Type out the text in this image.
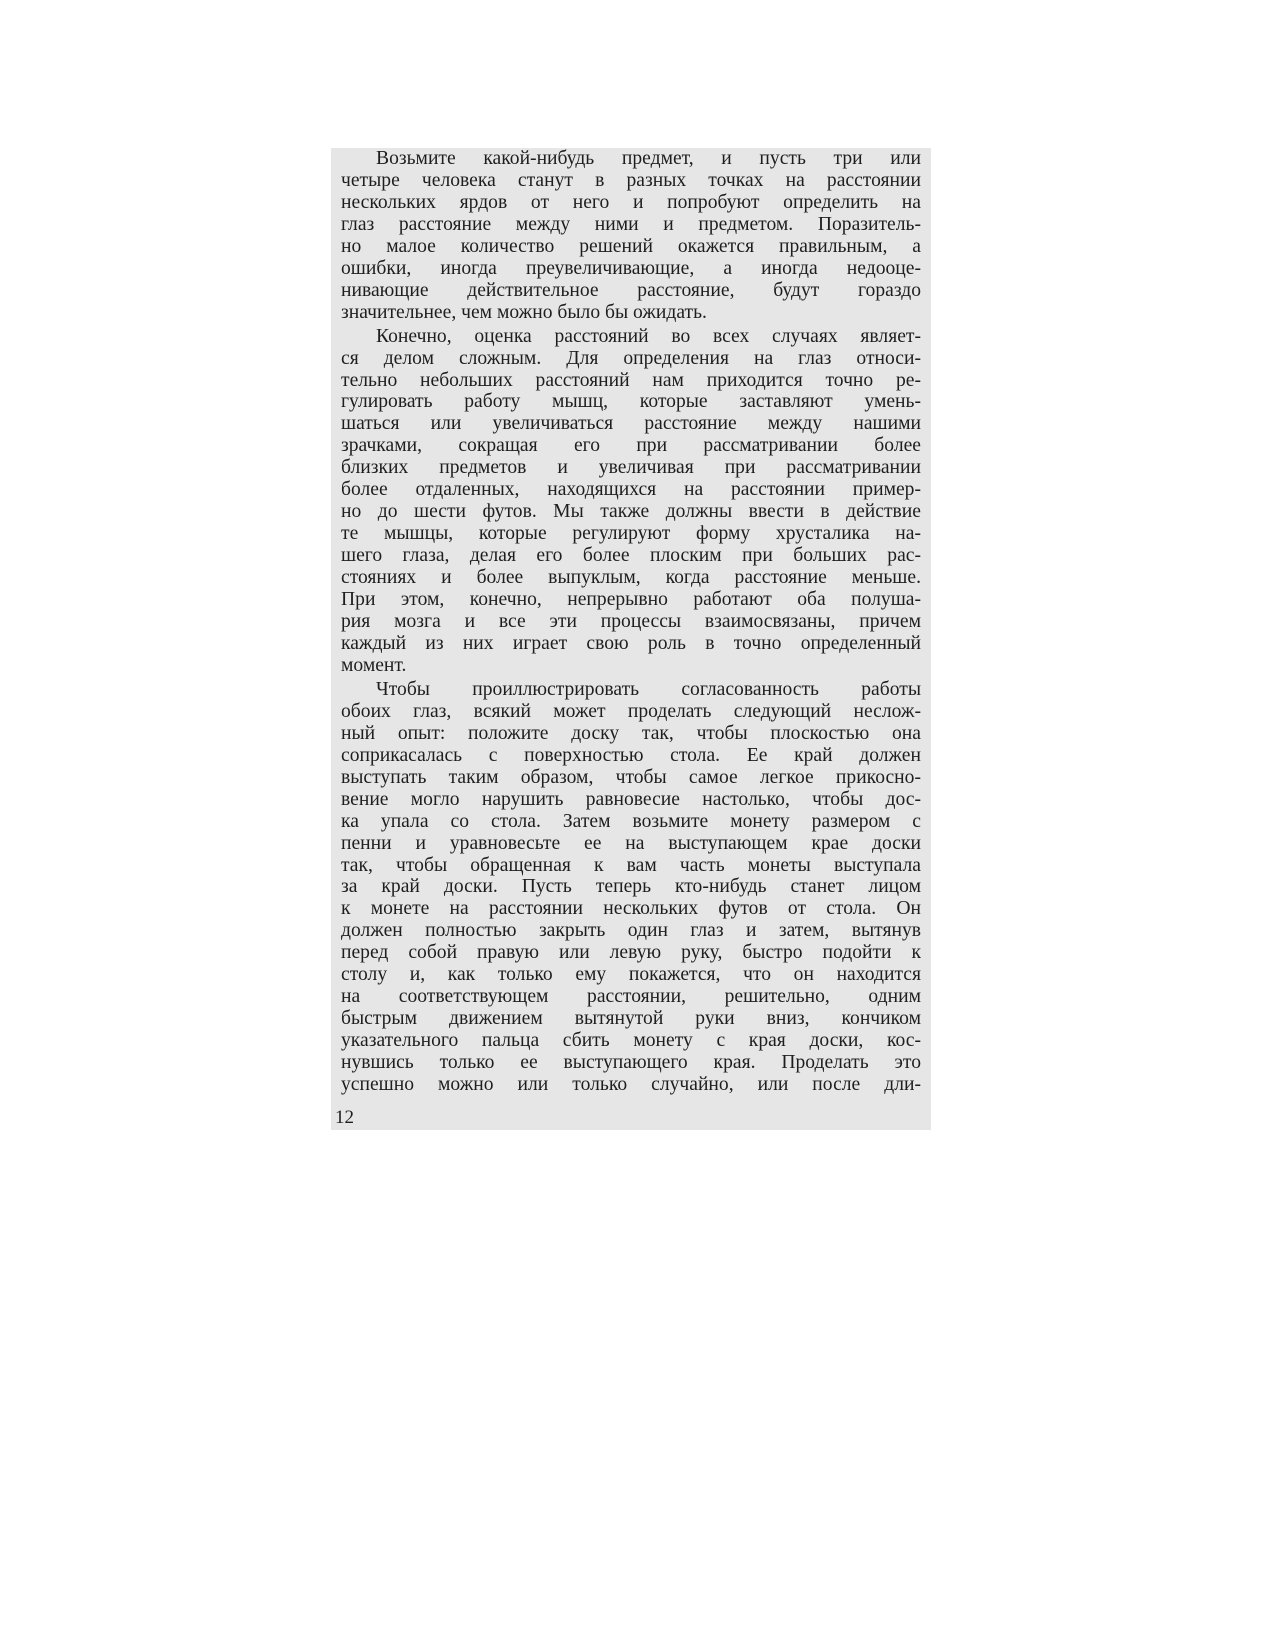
Возьмите какой-нибудь предмет, и пусть три или
четыре человека станут в разных точках на расстоянии
нескольких ярдов от него и попробуют определить на
глаз расстояние между ними и предметом. Поразитель-
но малое количество решений окажется правильным, а
ошибки, иногда преувеличивающие, а иногда недооце-
нивающие действительное расстояние, будут гораздо
значительнее, чем можно было бы ожидать.
Конечно, оценка расстояний во всех случаях являет-
ся делом сложным. Для определения на глаз относи-
тельно небольших расстояний нам приходится точно ре-
гулировать работу мышц, которые заставляют умень-
шаться или увеличиваться расстояние между нашими
зрачками, сокращая его при рассматривании более
близких предметов и увеличивая при рассматривании
более отдаленных, находящихся на расстоянии пример-
но до шести футов. Мы также должны ввести в действие
те мышцы, которые регулируют форму хрусталика на-
шего глаза, делая его более плоским при больших рас-
стояниях и более выпуклым, когда расстояние меньше.
При этом, конечно, непрерывно работают оба полуша-
рия мозга и все эти процессы взаимосвязаны, причем
каждый из них играет свою роль в точно определенный
момент.
Чтобы проиллюстрировать согласованность работы
обоих глаз, всякий может проделать следующий неслож-
ный опыт: положите доску так, чтобы плоскостью она
соприкасалась с поверхностью стола. Ее край должен
выступать таким образом, чтобы самое легкое прикосно-
вение могло нарушить равновесие настолько, чтобы дос-
ка упала со стола. Затем возьмите монету размером с
пенни и уравновесьте ее на выступающем крае доски
так, чтобы обращенная к вам часть монеты выступала
за край доски. Пусть теперь кто-нибудь станет лицом
к монете на расстоянии нескольких футов от стола. Он
должен полностью закрыть один глаз и затем, вытянув
перед собой правую или левую руку, быстро подойти к
столу и, как только ему покажется, что он находится
на соответствующем расстоянии, решительно, одним
быстрым движением вытянутой руки вниз, кончиком
указательного пальца сбить монету с края доски, кос-
нувшись только ее выступающего края. Проделать это
успешно можно или только случайно, или после дли-
12
